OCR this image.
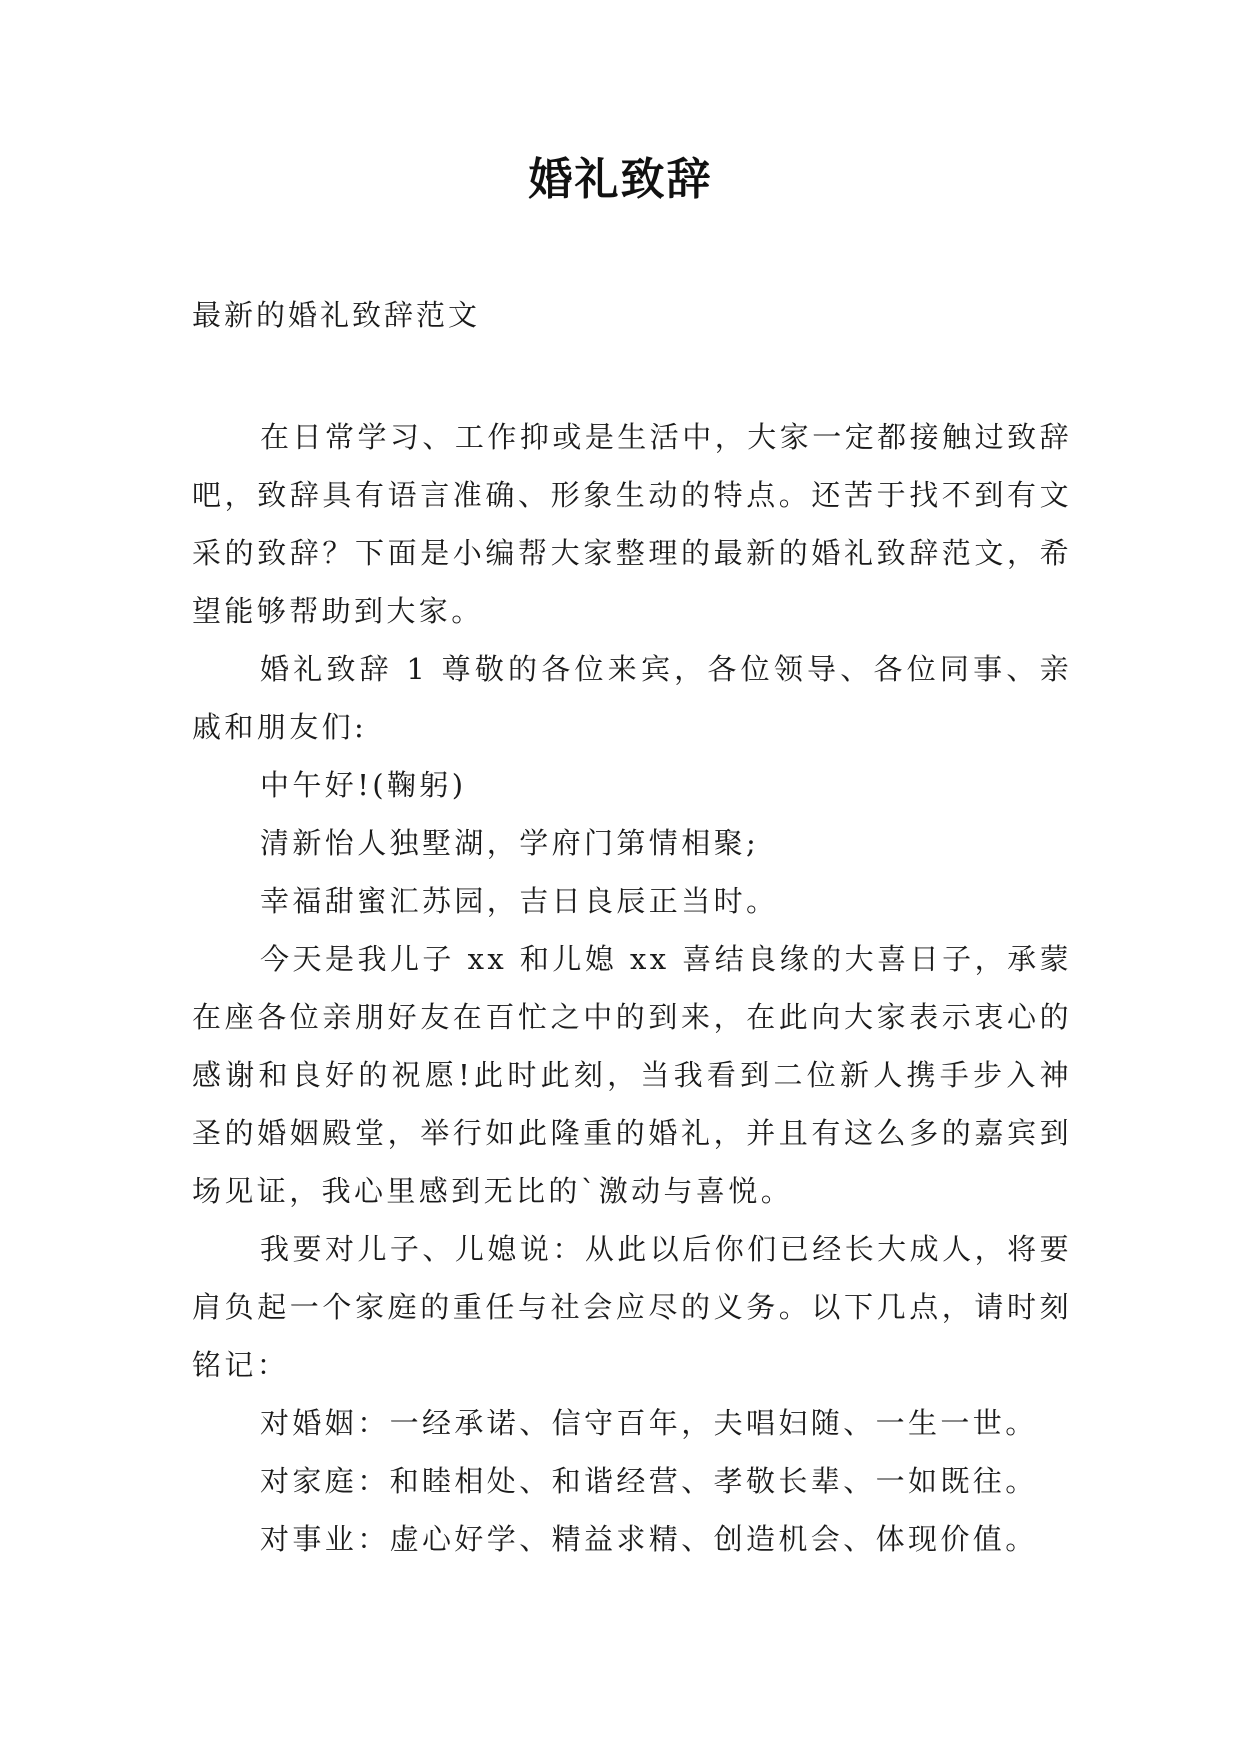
婚礼致辞
最新的婚礼致辞范文

在日常学习、工作抑或是生活中，大家一定都接触过致辞吧，致辞具有语言准确、形象生动的特点。还苦于找不到有文采的致辞？下面是小编帮大家整理的最新的婚礼致辞范文，希望能够帮助到大家。

婚礼致辞 1 尊敬的各位来宾，各位领导、各位同事、亲戚和朋友们:

中午好!(鞠躬)

清新怡人独墅湖，学府门第情相聚;

幸福甜蜜汇苏园，吉日良辰正当时。

今天是我儿子 xx 和儿媳 xx 喜结良缘的大喜日子，承蒙在座各位亲朋好友在百忙之中的到来，在此向大家表示衷心的感谢和良好的祝愿!此时此刻，当我看到二位新人携手步入神圣的婚姻殿堂，举行如此隆重的婚礼，并且有这么多的嘉宾到场见证，我心里感到无比的`激动与喜悦。

我要对儿子、儿媳说：从此以后你们已经长大成人，将要肩负起一个家庭的重任与社会应尽的义务。以下几点，请时刻铭记：

对婚姻：一经承诺、信守百年，夫唱妇随、一生一世。

对家庭：和睦相处、和谐经营、孝敬长辈、一如既往。

对事业：虚心好学、精益求精、创造机会、体现价值。
